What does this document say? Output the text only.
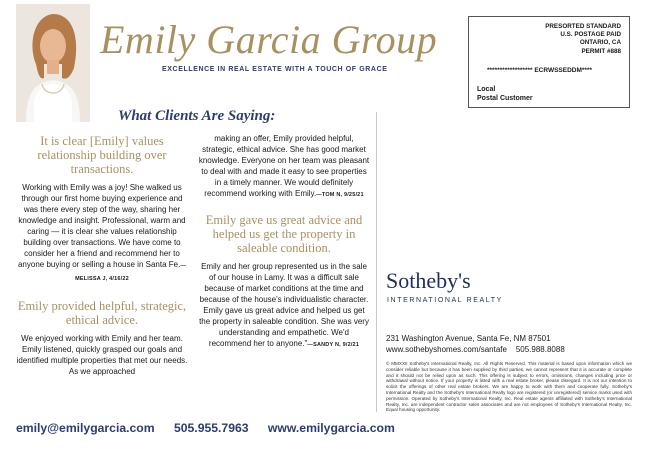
Emily Garcia Group
EXCELLENCE IN REAL ESTATE WITH A TOUCH OF GRACE
PRESORTED STANDARD
U.S. POSTAGE PAID
ONTARIO, CA
PERMIT #888
****************** ECRWSSEDDM****
Local
Postal Customer
What Clients Are Saying:

It is clear [Emily] values relationship building over transactions.

Working with Emily was a joy! She walked us through our first home buying experience and was there every step of the way, sharing her knowledge and insight. Professional, warm and caring — it is clear she values relationship building over transactions. We have come to consider her a friend and recommend her to anyone buying or selling a house in Santa Fe.—MELISSA J, 4/16/22

Emily provided helpful, strategic, ethical advice.

We enjoyed working with Emily and her team. Emily listened, quickly grasped our goals and identified multiple properties that met our needs. As we approached

making an offer, Emily provided helpful, strategic, ethical advice. She has good market knowledge. Everyone on her team was pleasant to deal with and made it easy to see properties in a timely manner. We would definitely recommend working with Emily.—TOM N, 9/25/21

Emily gave us great advice and helped us get the property in saleable condition.

Emily and her group represented us in the sale of our house in Lamy. It was a difficult sale because of market conditions at the time and because of the house's individualistic character. Emily gave us great advice and helped us get the property in saleable condition. She was very understanding and empathetic. We'd recommend her to anyone."—SANDY N, 9/2/21

Sotheby's
INTERNATIONAL REALTY
231 Washington Avenue, Santa Fe, NM 87501
www.sothebyshomes.com/santafe    505.988.8088
© MMXXII Sotheby's International Realty, Inc. All Rights Reserved. This material is based upon information which we consider reliable but because it has been supplied by third parties, we cannot represent that it is accurate or complete and it should not be relied upon as such. This offering is subject to errors, omissions, changes including price or withdrawal without notice. If your property is listed with a real estate broker, please disregard. It is not our intention to solicit the offerings of other real estate brokers. We are happy to work with them and cooperate fully. Sotheby's International Realty and the Sotheby's International Realty logo are registered (or unregistered) service marks used with permission. Operated by Sotheby's International Realty, Inc. Real estate agents affiliated with Sotheby's International Realty, Inc. are independent contractor sales associates and are not employees of Sotheby's International Realty, Inc. Equal housing opportunity.
emily@emilygarcia.com 505.955.7963 www.emilygarcia.com
